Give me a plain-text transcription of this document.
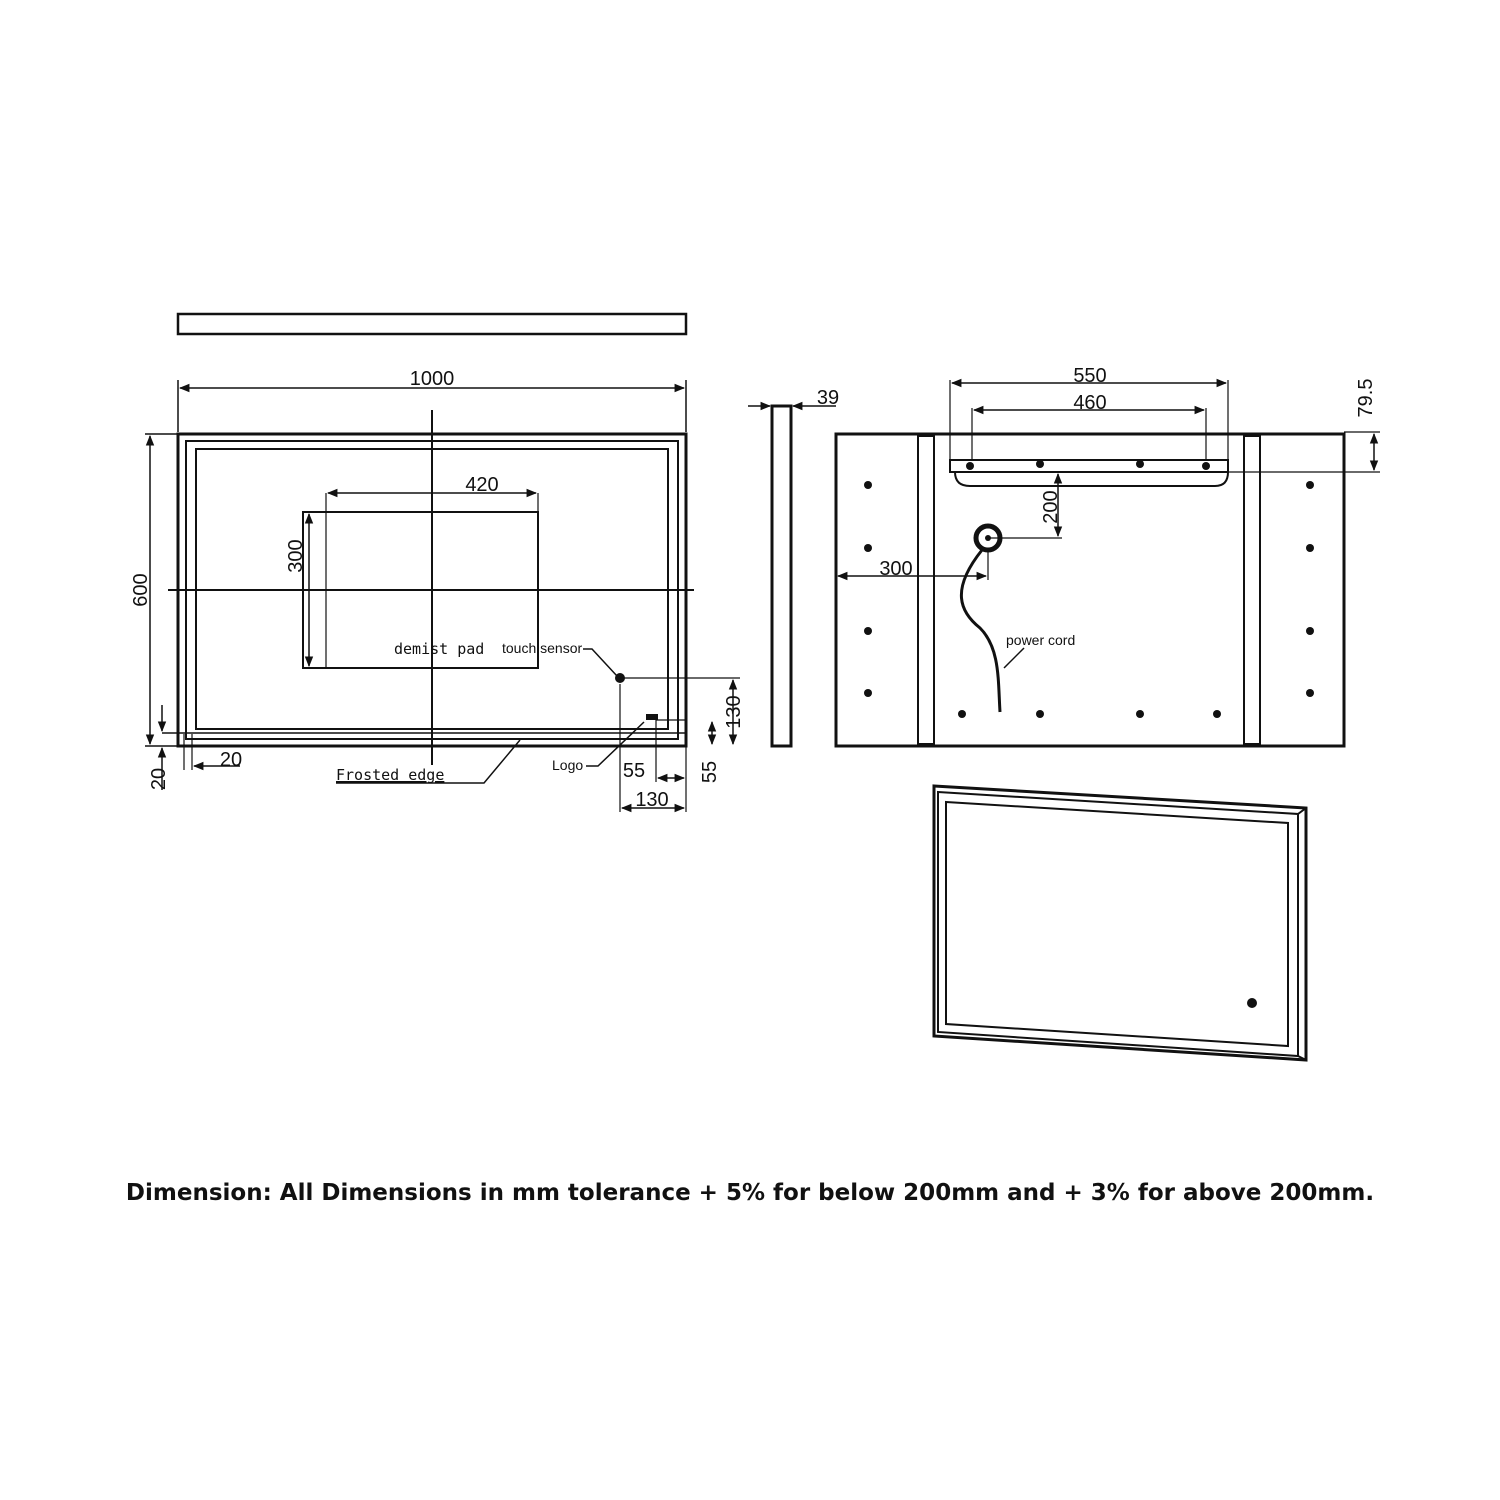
1000
600
420
300
demist pad touch sensor
130
55
Logo 55
130
20
20	Frosted edge
39
550
460	79.5
200
300
power cord
Dimension: All Dimensions in mm tolerance + 5% for below 200mm and + 3% for above 200mm.
